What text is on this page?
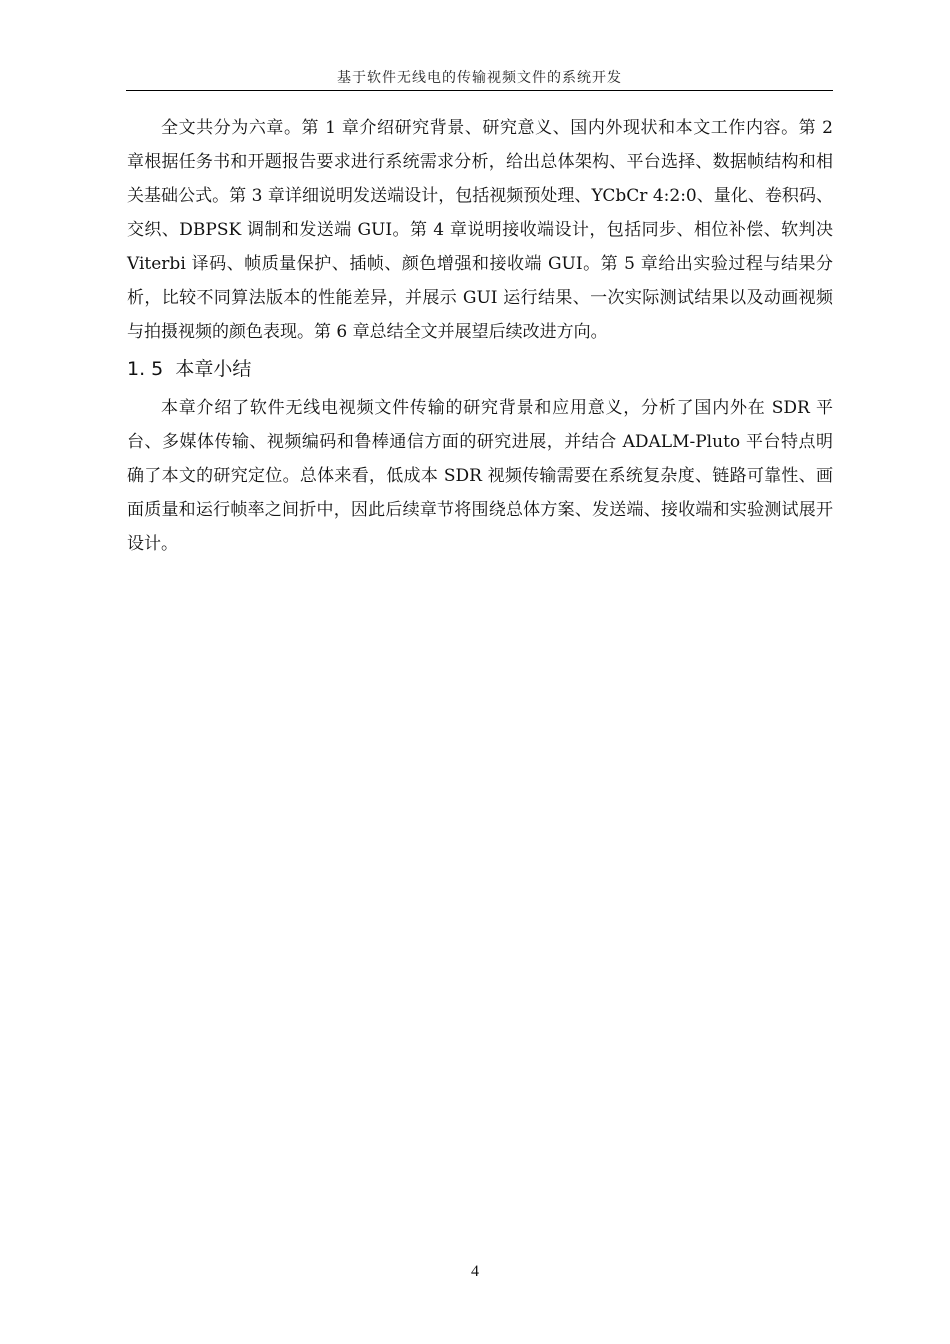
基于软件无线电的传输视频文件的系统开发

全文共分为六章。第 1 章介绍研究背景、研究意义、国内外现状和本文工作内容。第 2 章根据任务书和开题报告要求进行系统需求分析，给出总体架构、平台选择、数据帧结构和相关基础公式。第 3 章详细说明发送端设计，包括视频预处理、YCbCr 4:2:0、量化、卷积码、交织、DBPSK 调制和发送端 GUI。第 4 章说明接收端设计，包括同步、相位补偿、软判决 Viterbi 译码、帧质量保护、插帧、颜色增强和接收端 GUI。第 5 章给出实验过程与结果分析，比较不同算法版本的性能差异，并展示 GUI 运行结果、一次实际测试结果以及动画视频与拍摄视频的颜色表现。第 6 章总结全文并展望后续改进方向。

1. 5 本章小结

本章介绍了软件无线电视频文件传输的研究背景和应用意义，分析了国内外在 SDR 平台、多媒体传输、视频编码和鲁棒通信方面的研究进展，并结合 ADALM-Pluto 平台特点明确了本文的研究定位。总体来看，低成本 SDR 视频传输需要在系统复杂度、链路可靠性、画面质量和运行帧率之间折中，因此后续章节将围绕总体方案、发送端、接收端和实验测试展开设计。

4
